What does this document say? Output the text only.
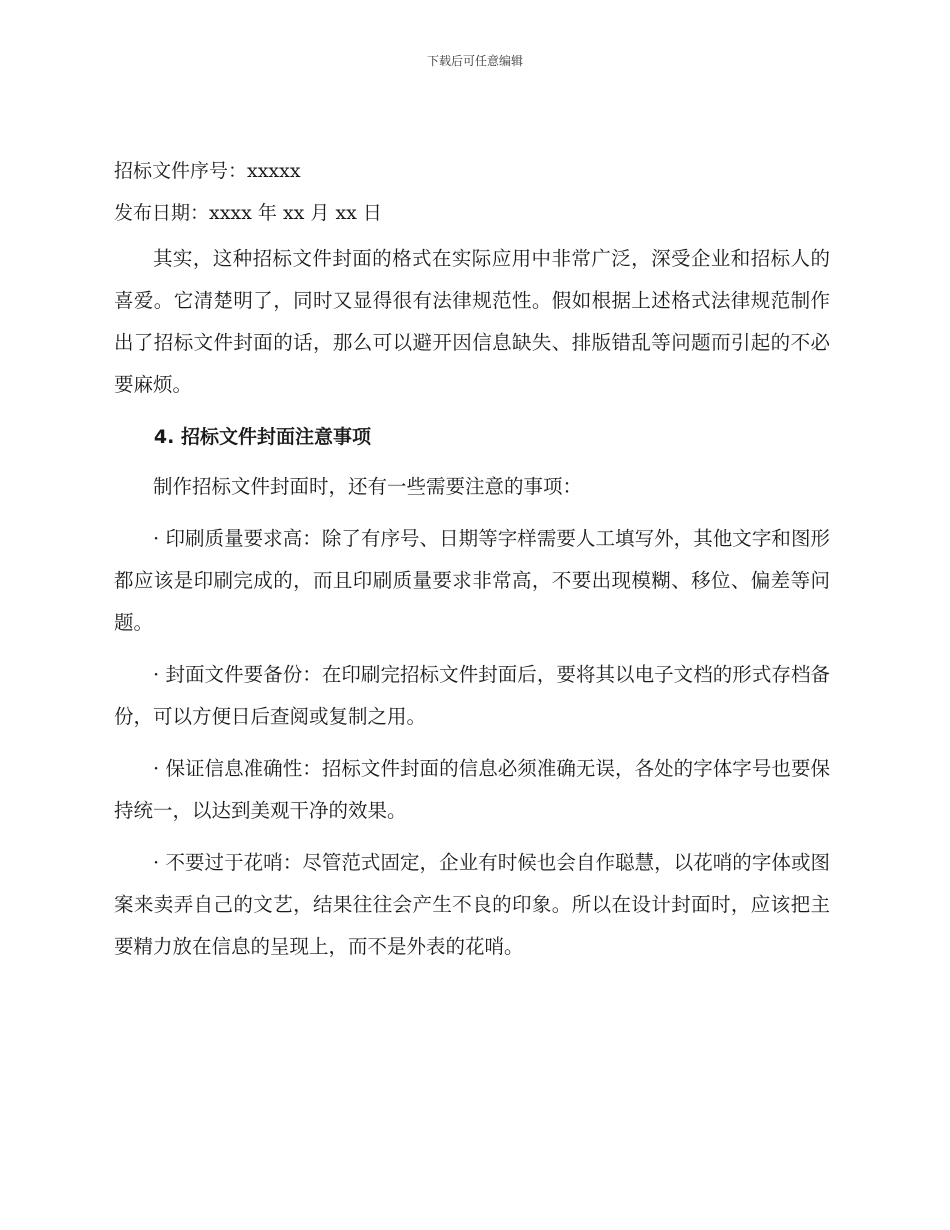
下载后可任意编辑

招标文件序号：xxxxx

发布日期：xxxx 年 xx 月 xx 日

其实，这种招标文件封面的格式在实际应用中非常广泛，深受企业和招标人的喜爱。它清楚明了，同时又显得很有法律规范性。假如根据上述格式法律规范制作出了招标文件封面的话，那么可以避开因信息缺失、排版错乱等问题而引起的不必要麻烦。

4. 招标文件封面注意事项

制作招标文件封面时，还有一些需要注意的事项：

· 印刷质量要求高：除了有序号、日期等字样需要人工填写外，其他文字和图形都应该是印刷完成的，而且印刷质量要求非常高，不要出现模糊、移位、偏差等问题。

· 封面文件要备份：在印刷完招标文件封面后，要将其以电子文档的形式存档备份，可以方便日后查阅或复制之用。

· 保证信息准确性：招标文件封面的信息必须准确无误，各处的字体字号也要保持统一，以达到美观干净的效果。

· 不要过于花哨：尽管范式固定，企业有时候也会自作聪慧，以花哨的字体或图案来卖弄自己的文艺，结果往往会产生不良的印象。所以在设计封面时，应该把主要精力放在信息的呈现上，而不是外表的花哨。
